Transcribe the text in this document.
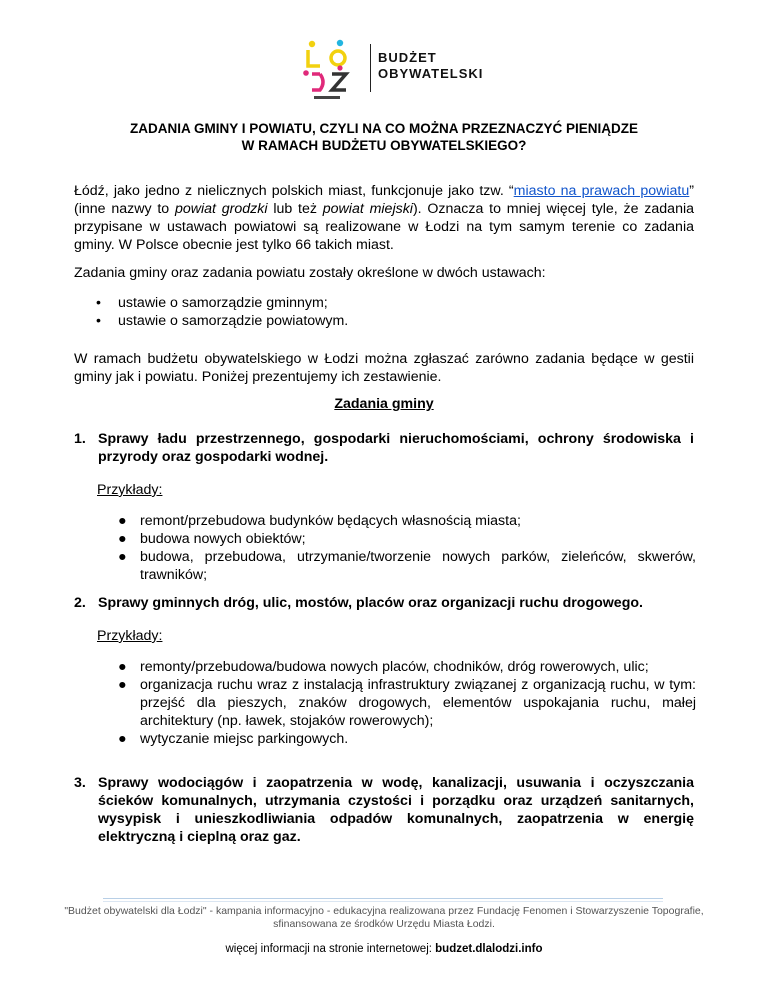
BUDŻET
OBYWATELSKI
ZADANIA GMINY I POWIATU, CZYLI NA CO MOŻNA PRZEZNACZYĆ PIENIĄDZE
W RAMACH BUDŻETU OBYWATELSKIEGO?

Łódź, jako jedno z nielicznych polskich miast, funkcjonuje jako tzw. “miasto na prawach powiatu” (inne nazwy to powiat grodzki lub też powiat miejski). Oznacza to mniej więcej tyle, że zadania przypisane w ustawach powiatowi są realizowane w Łodzi na tym samym terenie co zadania gminy. W Polsce obecnie jest tylko 66 takich miast.

Zadania gminy oraz zadania powiatu zostały określone w dwóch ustawach:

• ustawie o samorządzie gminnym;
• ustawie o samorządzie powiatowym.

W ramach budżetu obywatelskiego w Łodzi można zgłaszać zarówno zadania będące w gestii gminy jak i powiatu. Poniżej prezentujemy ich zestawienie.

Zadania gminy
1. Sprawy ładu przestrzennego, gospodarki nieruchomościami, ochrony środowiska i przyrody oraz gospodarki wodnej.
Przykłady:
● remont/przebudowa budynków będących własnością miasta;
● budowa nowych obiektów;
● budowa, przebudowa, utrzymanie/tworzenie nowych parków, zieleńców, skwerów, trawników;
2. Sprawy gminnych dróg, ulic, mostów, placów oraz organizacji ruchu drogowego.
Przykłady:
● remonty/przebudowa/budowa nowych placów, chodników, dróg rowerowych, ulic;
● organizacja ruchu wraz z instalacją infrastruktury związanej z organizacją ruchu, w tym: przejść dla pieszych, znaków drogowych, elementów uspokajania ruchu, małej architektury (np. ławek, stojaków rowerowych);
● wytyczanie miejsc parkingowych.
3. Sprawy wodociągów i zaopatrzenia w wodę, kanalizacji, usuwania i oczyszczania ścieków komunalnych, utrzymania czystości i porządku oraz urządzeń sanitarnych, wysypisk i unieszkodliwiania odpadów komunalnych, zaopatrzenia w energię elektryczną i cieplną oraz gaz.
"Budżet obywatelski dla Łodzi" - kampania informacyjno - edukacyjna realizowana przez Fundację Fenomen i Stowarzyszenie Topografie,
sfinansowana ze środków Urzędu Miasta Łodzi.
więcej informacji na stronie internetowej: budzet.dlalodzi.info
